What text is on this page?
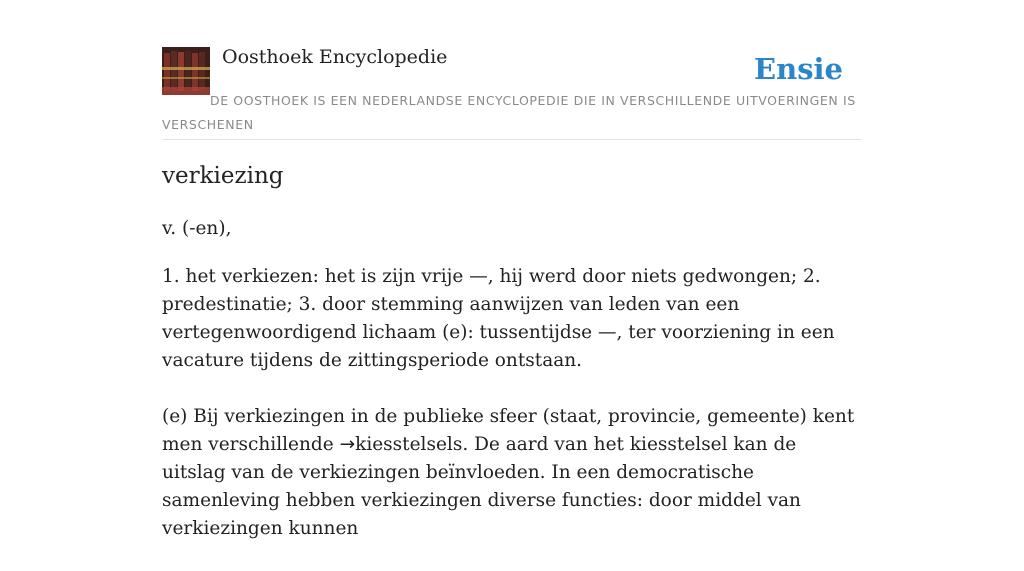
Oosthoek Encyclopedie	Ensie
DE OOSTHOEK IS EEN NEDERLANDSE ENCYCLOPEDIE DIE IN VERSCHILLENDE UITVOERINGEN IS VERSCHENEN
verkiezing

v. (-en),

1. het verkiezen: het is zijn vrije —, hij werd door niets gedwongen; 2. predestinatie; 3. door stemming aanwijzen van leden van een vertegenwoordigend lichaam (e): tussentijdse —, ter voorziening in een vacature tijdens de zittingsperiode ontstaan.

(e) Bij verkiezingen in de publieke sfeer (staat, provincie, gemeente) kent men verschillende →kiesstelsels. De aard van het kiesstelsel kan de uitslag van de verkiezingen beïnvloeden. In een democratische samenleving hebben verkiezingen diverse functies: door middel van verkiezingen kunnen
